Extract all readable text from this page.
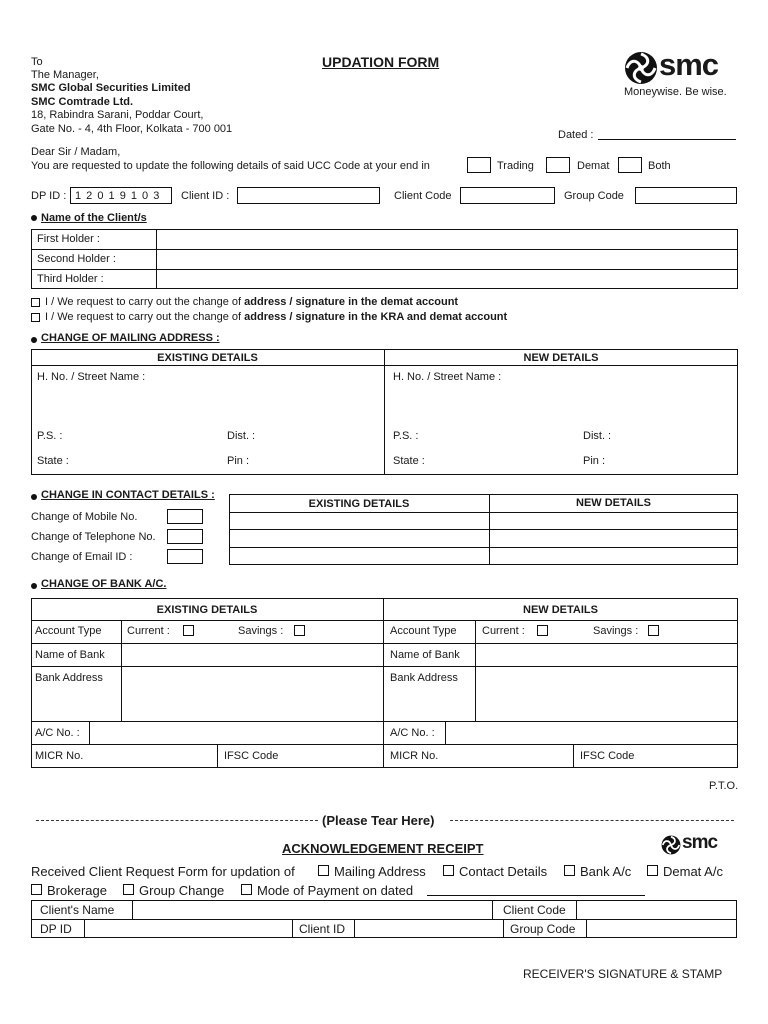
UPDATION FORM
To
The Manager,
SMC Global Securities Limited
SMC Comtrade Ltd.
18, Rabindra Sarani, Poddar Court,
Gate No. - 4, 4th Floor, Kolkata - 700 001
smc
Moneywise. Be wise.
Dated :
Dear Sir / Madam,
You are requested to update the following details of said UCC Code at your end in	Trading	Demat	Both
DP ID : 1 2 0 1 9 1 0 3 Client ID :	Client Code	Group Code
Name of the Client/s
First Holder :
Second Holder :
Third Holder :
I / We request to carry out the change of address / signature in the demat account
I / We request to carry out the change of address / signature in the KRA and demat account
CHANGE OF MAILING ADDRESS :
EXISTING DETAILS	NEW DETAILS
H. No. / Street Name :
P.S. :	Dist. :
State :	Pin :
H. No. / Street Name :
P.S. :	Dist. :
State :	Pin :
CHANGE IN CONTACT DETAILS :
EXISTING DETAILS	NEW DETAILS
Change of Mobile No.
Change of Telephone No.
Change of Email ID :
CHANGE OF BANK A/C.
EXISTING DETAILS	NEW DETAILS
Account Type Current :	Savings :
Name of Bank
Bank Address
A/C No. :
MICR No.	IFSC Code
Account Type Current :	Savings :
Name of Bank
Bank Address
A/C No. :
MICR No.	IFSC Code
P.T.O.
(Please Tear Here)
ACKNOWLEDGEMENT RECEIPT	smc
Received Client Request Form for updation of	Mailing Address	Contact Details	Bank A/c Demat A/c
Brokerage Group Change	Mode of Payment on dated
Client's Name	Client Code
DP ID	Client ID	Group Code
RECEIVER'S SIGNATURE & STAMP
